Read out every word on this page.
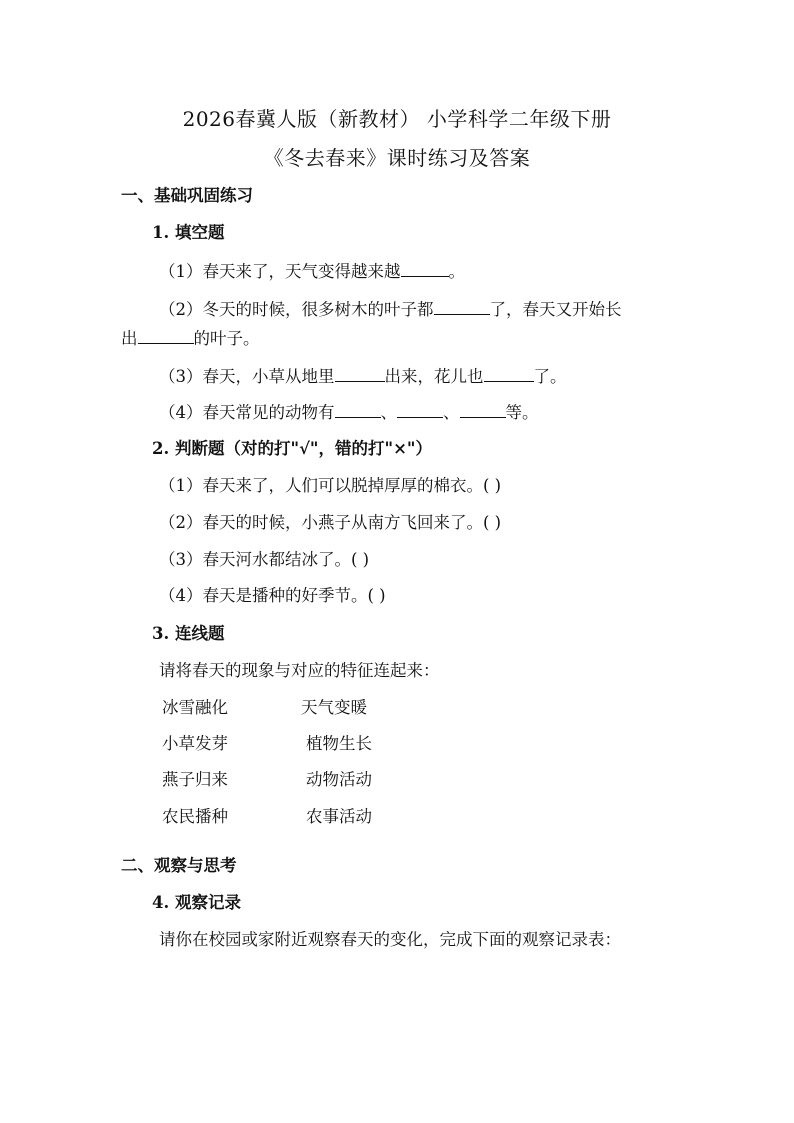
2026春冀人版（新教材） 小学科学二年级下册
《冬去春来》课时练习及答案
一、基础巩固练习
1. 填空题
（1）春天来了，天气变得越来越	。
（2）冬天的时候，很多树木的叶子都	了，春天又开始长
出	的叶子。
（3）春天，小草从地里	出来，花儿也	了。
（4）春天常见的动物有	、	、	等。
2. 判断题（对的打"√"，错的打"×"）
（1）春天来了，人们可以脱掉厚厚的棉衣。( )
（2）春天的时候，小燕子从南方飞回来了。( )
（3）春天河水都结冰了。( )
（4）春天是播种的好季节。( )
3. 连线题
请将春天的现象与对应的特征连起来：
冰雪融化	天气变暖
小草发芽	植物生长
燕子归来	动物活动
农民播种	农事活动
二、观察与思考
4. 观察记录
请你在校园或家附近观察春天的变化，完成下面的观察记录表：
